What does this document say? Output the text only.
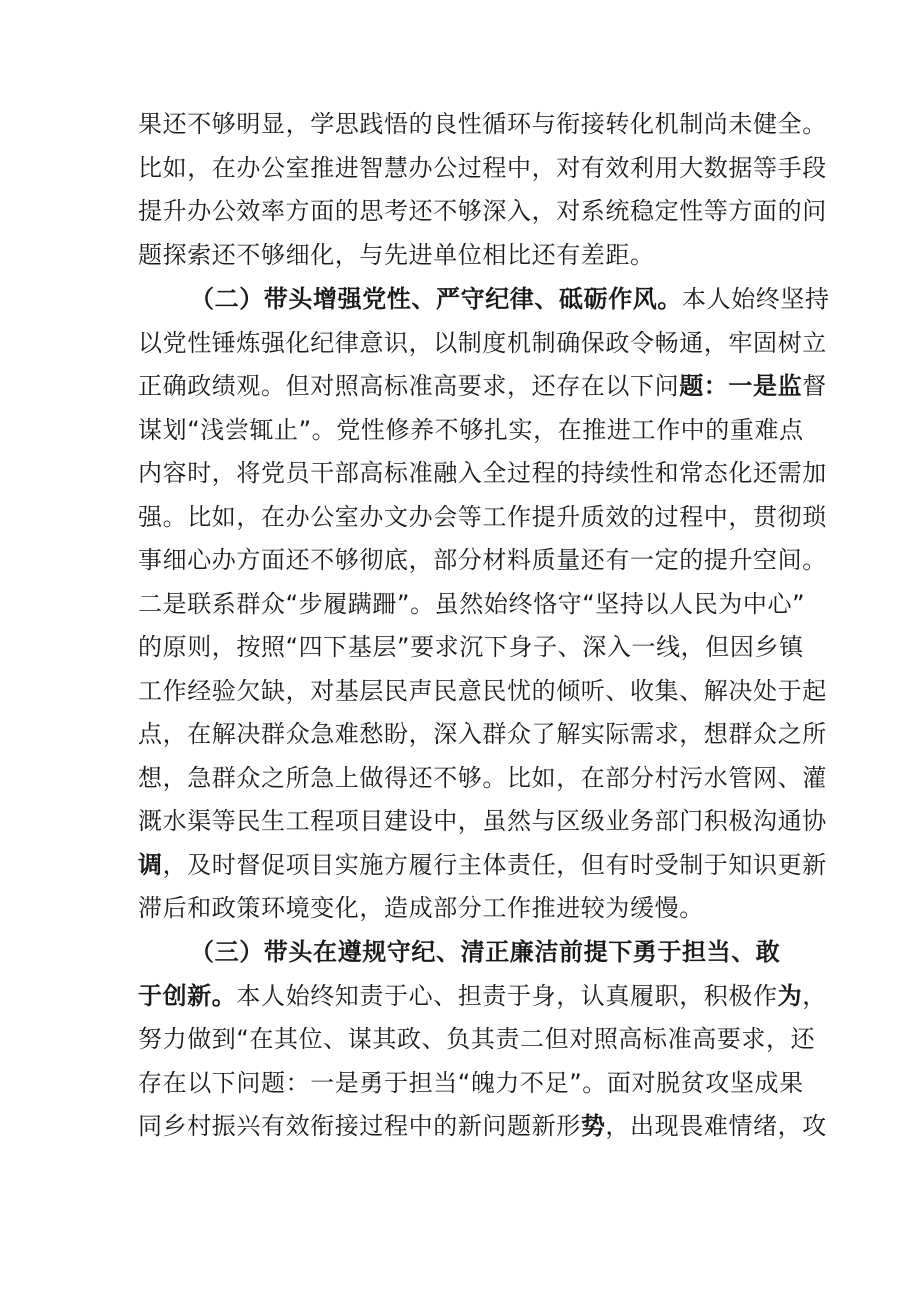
果还不够明显，学思践悟的良性循环与衔接转化机制尚未健全。
比如，在办公室推进智慧办公过程中，对有效利用大数据等手段
提升办公效率方面的思考还不够深入，对系统稳定性等方面的问
题探索还不够细化，与先进单位相比还有差距。
（二）带头增强党性、严守纪律、砥砺作风。本人始终坚持
以党性锤炼强化纪律意识，以制度机制确保政令畅通，牢固树立
正确政绩观。但对照高标准高要求，还存在以下问题：一是监督
谋划“浅尝辄止”。党性修养不够扎实，在推进工作中的重难点
内容时，将党员干部高标准融入全过程的持续性和常态化还需加
强。比如，在办公室办文办会等工作提升质效的过程中，贯彻琐
事细心办方面还不够彻底，部分材料质量还有一定的提升空间。
二是联系群众“步履蹒跚”。虽然始终恪守“坚持以人民为中心”
的原则，按照“四下基层”要求沉下身子、深入一线，但因乡镇
工作经验欠缺，对基层民声民意民忧的倾听、收集、解决处于起
点，在解决群众急难愁盼，深入群众了解实际需求，想群众之所
想，急群众之所急上做得还不够。比如，在部分村污水管网、灌
溉水渠等民生工程项目建设中，虽然与区级业务部门积极沟通协
调，及时督促项目实施方履行主体责任，但有时受制于知识更新
滞后和政策环境变化，造成部分工作推进较为缓慢。
（三）带头在遵规守纪、清正廉洁前提下勇于担当、敢
于创新。本人始终知责于心、担责于身，认真履职，积极作为，
努力做到“在其位、谋其政、负其责二但对照高标准高要求，还
存在以下问题：一是勇于担当“魄力不足”。面对脱贫攻坚成果
同乡村振兴有效衔接过程中的新问题新形势，出现畏难情绪，攻
